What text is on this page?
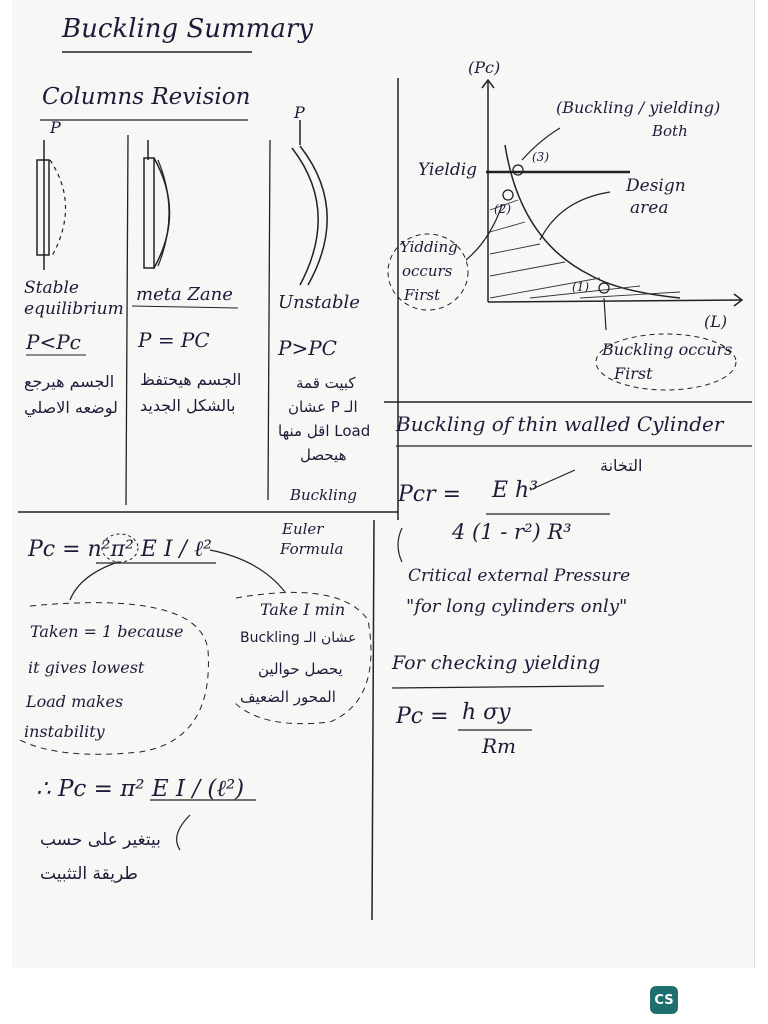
Buckling Summary
Columns Revision
P
P
Stable equilibrium
P<Pc
الجسم هيرجع
لوضعه الاصلي
meta Zane
P = PC
الجسم هيحتفظ
بالشكل الجديد
Unstable
P>PC
كبيت قمة
الـ P عشان
Load اقل منها
هيحصل
Buckling
(Pc)
(L)
Yieldig
(Buckling / yielding)
Both
Design
area
Yidding
occurs
First
Buckling occurs
First
(3)
(2)
(1)
Buckling of thin walled Cylinder
Pcr = E h³
4 (1 - r²) R³
التخانة
Critical external Pressure
"for long cylinders only"
For checking yielding
Pc = h σy
Rm
Pc = n²π² E I / ℓ²
Euler
Formula
Taken = 1 because
it gives lowest
Load makes
instability
Take I min
عشان الـ Buckling
يحصل حوالين
المحور الضعيف
∴ Pc = π² E I / (ℓ²)
بيتغير على حسب
طريقة التثبيت
CS
